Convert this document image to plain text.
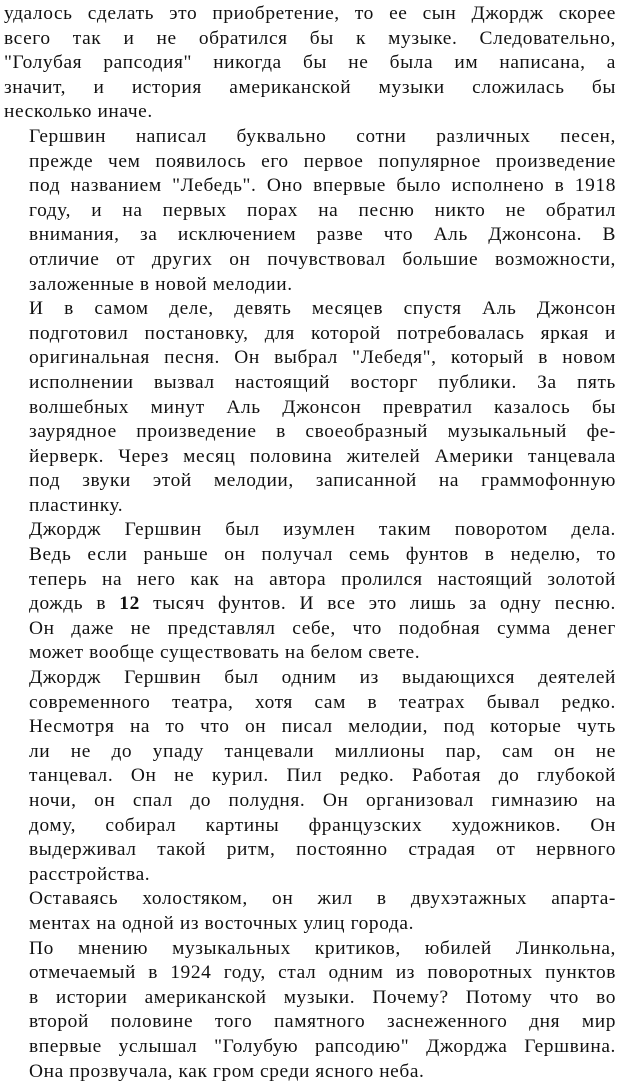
удалось сделать это приобретение, то ее сын Джордж скорее
всего так и не обратился бы к музыке. Следовательно,
"Голубая рапсодия" никогда бы не была им написана, а
значит, и история американской музыки сложилась бы
несколько иначе.

Гершвин написал буквально сотни различных песен,
прежде чем появилось его первое популярное произведение
под названием "Лебедь". Оно впервые было исполнено в 1918
году, и на первых порах на песню никто не обратил
внимания, за исключением разве что Аль Джонсона. В
отличие от других он почувствовал большие возможности,
заложенные в новой мелодии.

И в самом деле, девять месяцев спустя Аль Джонсон
подготовил постановку, для которой потребовалась яркая и
оригинальная песня. Он выбрал "Лебедя", который в новом
исполнении вызвал настоящий восторг публики. За пять
волшебных минут Аль Джонсон превратил казалось бы
заурядное произведение в своеобразный музыкальный фе-
йерверк. Через месяц половина жителей Америки танцевала
под звуки этой мелодии, записанной на граммофонную
пластинку.

Джордж Гершвин был изумлен таким поворотом дела.
Ведь если раньше он получал семь фунтов в неделю, то
теперь на него как на автора пролился настоящий золотой
дождь в 12 тысяч фунтов. И все это лишь за одну песню.
Он даже не представлял себе, что подобная сумма денег
может вообще существовать на белом свете.

Джордж Гершвин был одним из выдающихся деятелей
современного театра, хотя сам в театрах бывал редко.
Несмотря на то что он писал мелодии, под которые чуть
ли не до упаду танцевали миллионы пар, сам он не
танцевал. Он не курил. Пил редко. Работая до глубокой
ночи, он спал до полудня. Он организовал гимназию на
дому, собирал картины французских художников. Он
выдерживал такой ритм, постоянно страдая от нервного
расстройства.

Оставаясь холостяком, он жил в двухэтажных апарта-
ментах на одной из восточных улиц города.

По мнению музыкальных критиков, юбилей Линкольна,
отмечаемый в 1924 году, стал одним из поворотных пунктов
в истории американской музыки. Почему? Потому что во
второй половине того памятного заснеженного дня мир
впервые услышал "Голубую рапсодию" Джорджа Гершвина.
Она прозвучала, как гром среди ясного неба.
